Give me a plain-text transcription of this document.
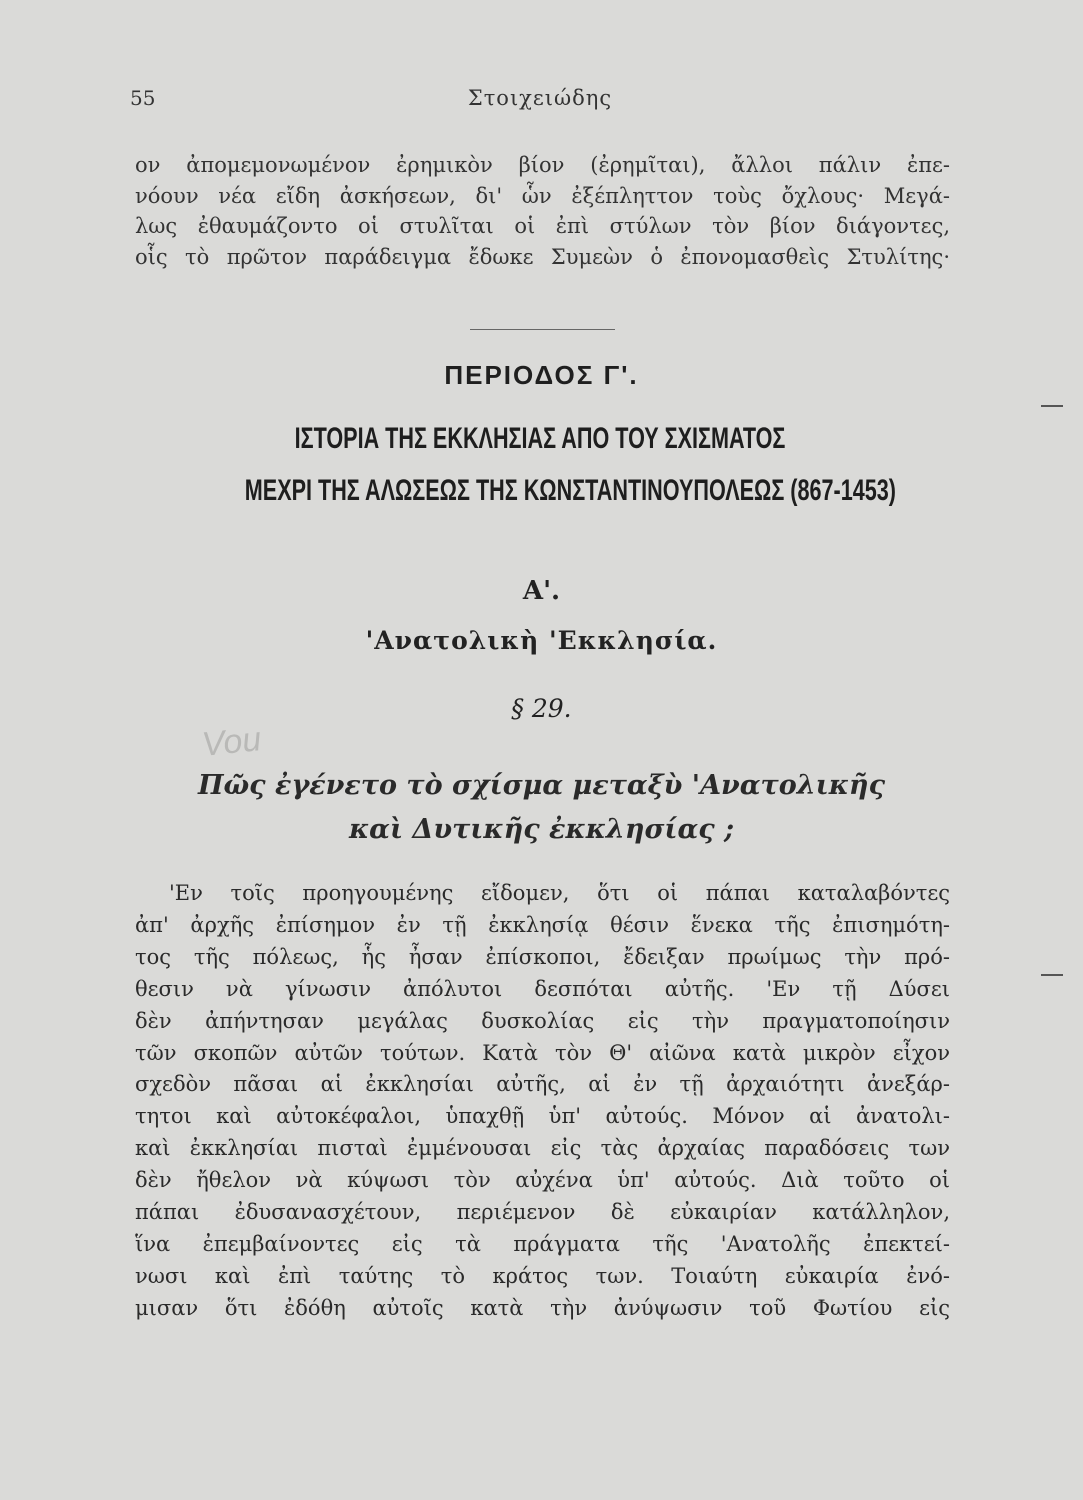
55	Στοιχειώδης
ον ἀπομεμονωμένον ἐρημικὸν βίον (ἐρημῖται), ἄλλοι πάλιν ἐπε-
νόουν νέα εἴδη ἀσκήσεων, δι' ὧν ἐξέπληττον τοὺς ὄχλους· Μεγά-
λως ἐθαυμάζοντο οἱ στυλῖται οἱ ἐπὶ στύλων τὸν βίον διάγοντες,
οἷς τὸ πρῶτον παράδειγμα ἔδωκε Συμεὼν ὁ ἐπονομασθεὶς Στυλίτης·
ΠΕΡΙΟΔΟΣ Γ'.
ΙΣΤΟΡΙΑ ΤΗΣ ΕΚΚΛΗΣΙΑΣ ΑΠΟ ΤΟΥ ΣΧΙΣΜΑΤΟΣ
ΜΕΧΡΙ ΤΗΣ ΑΛΩΣΕΩΣ ΤΗΣ ΚΩΝΣΤΑΝΤΙΝΟΥΠΟΛΕΩΣ (867-1453)
Α'.
'Ανατολικὴ 'Εκκλησία.
§ 29.
Vou
Πῶς ἐγένετο τὸ σχίσμα μεταξὺ 'Ανατολικῆς
καὶ Δυτικῆς ἐκκλησίας ;
'Εν τοῖς προηγουμένης εἴδομεν, ὅτι οἱ πάπαι καταλαβόντες
ἀπ' ἀρχῆς ἐπίσημον ἐν τῇ ἐκκλησίᾳ θέσιν ἕνεκα τῆς ἐπισημότη-
τος τῆς πόλεως, ἧς ἦσαν ἐπίσκοποι, ἔδειξαν πρωίμως τὴν πρό-
θεσιν νὰ γίνωσιν ἀπόλυτοι δεσπόται αὐτῆς. 'Εν τῇ Δύσει
δὲν ἀπήντησαν μεγάλας δυσκολίας εἰς τὴν πραγματοποίησιν
τῶν σκοπῶν αὐτῶν τούτων. Κατὰ τὸν Θ' αἰῶνα κατὰ μικρὸν εἶχον
σχεδὸν πᾶσαι αἱ ἐκκλησίαι αὐτῆς, αἱ ἐν τῇ ἀρχαιότητι ἀνεξάρ-
τητοι καὶ αὐτοκέφαλοι, ὑπαχθῇ ὑπ' αὐτούς. Μόνον αἱ ἀνατολι-
καὶ ἐκκλησίαι πισταὶ ἐμμένουσαι εἰς τὰς ἀρχαίας παραδόσεις των
δὲν ἤθελον νὰ κύψωσι τὸν αὐχένα ὑπ' αὐτούς. Διὰ τοῦτο οἱ
πάπαι ἐδυσανασχέτουν, περιέμενον δὲ εὐκαιρίαν κατάλληλον,
ἵνα ἐπεμβαίνοντες εἰς τὰ πράγματα τῆς 'Ανατολῆς ἐπεκτεί-
νωσι καὶ ἐπὶ ταύτης τὸ κράτος των. Τοιαύτη εὐκαιρία ἐνό-
μισαν ὅτι ἐδόθη αὐτοῖς κατὰ τὴν ἀνύψωσιν τοῦ Φωτίου εἰς
